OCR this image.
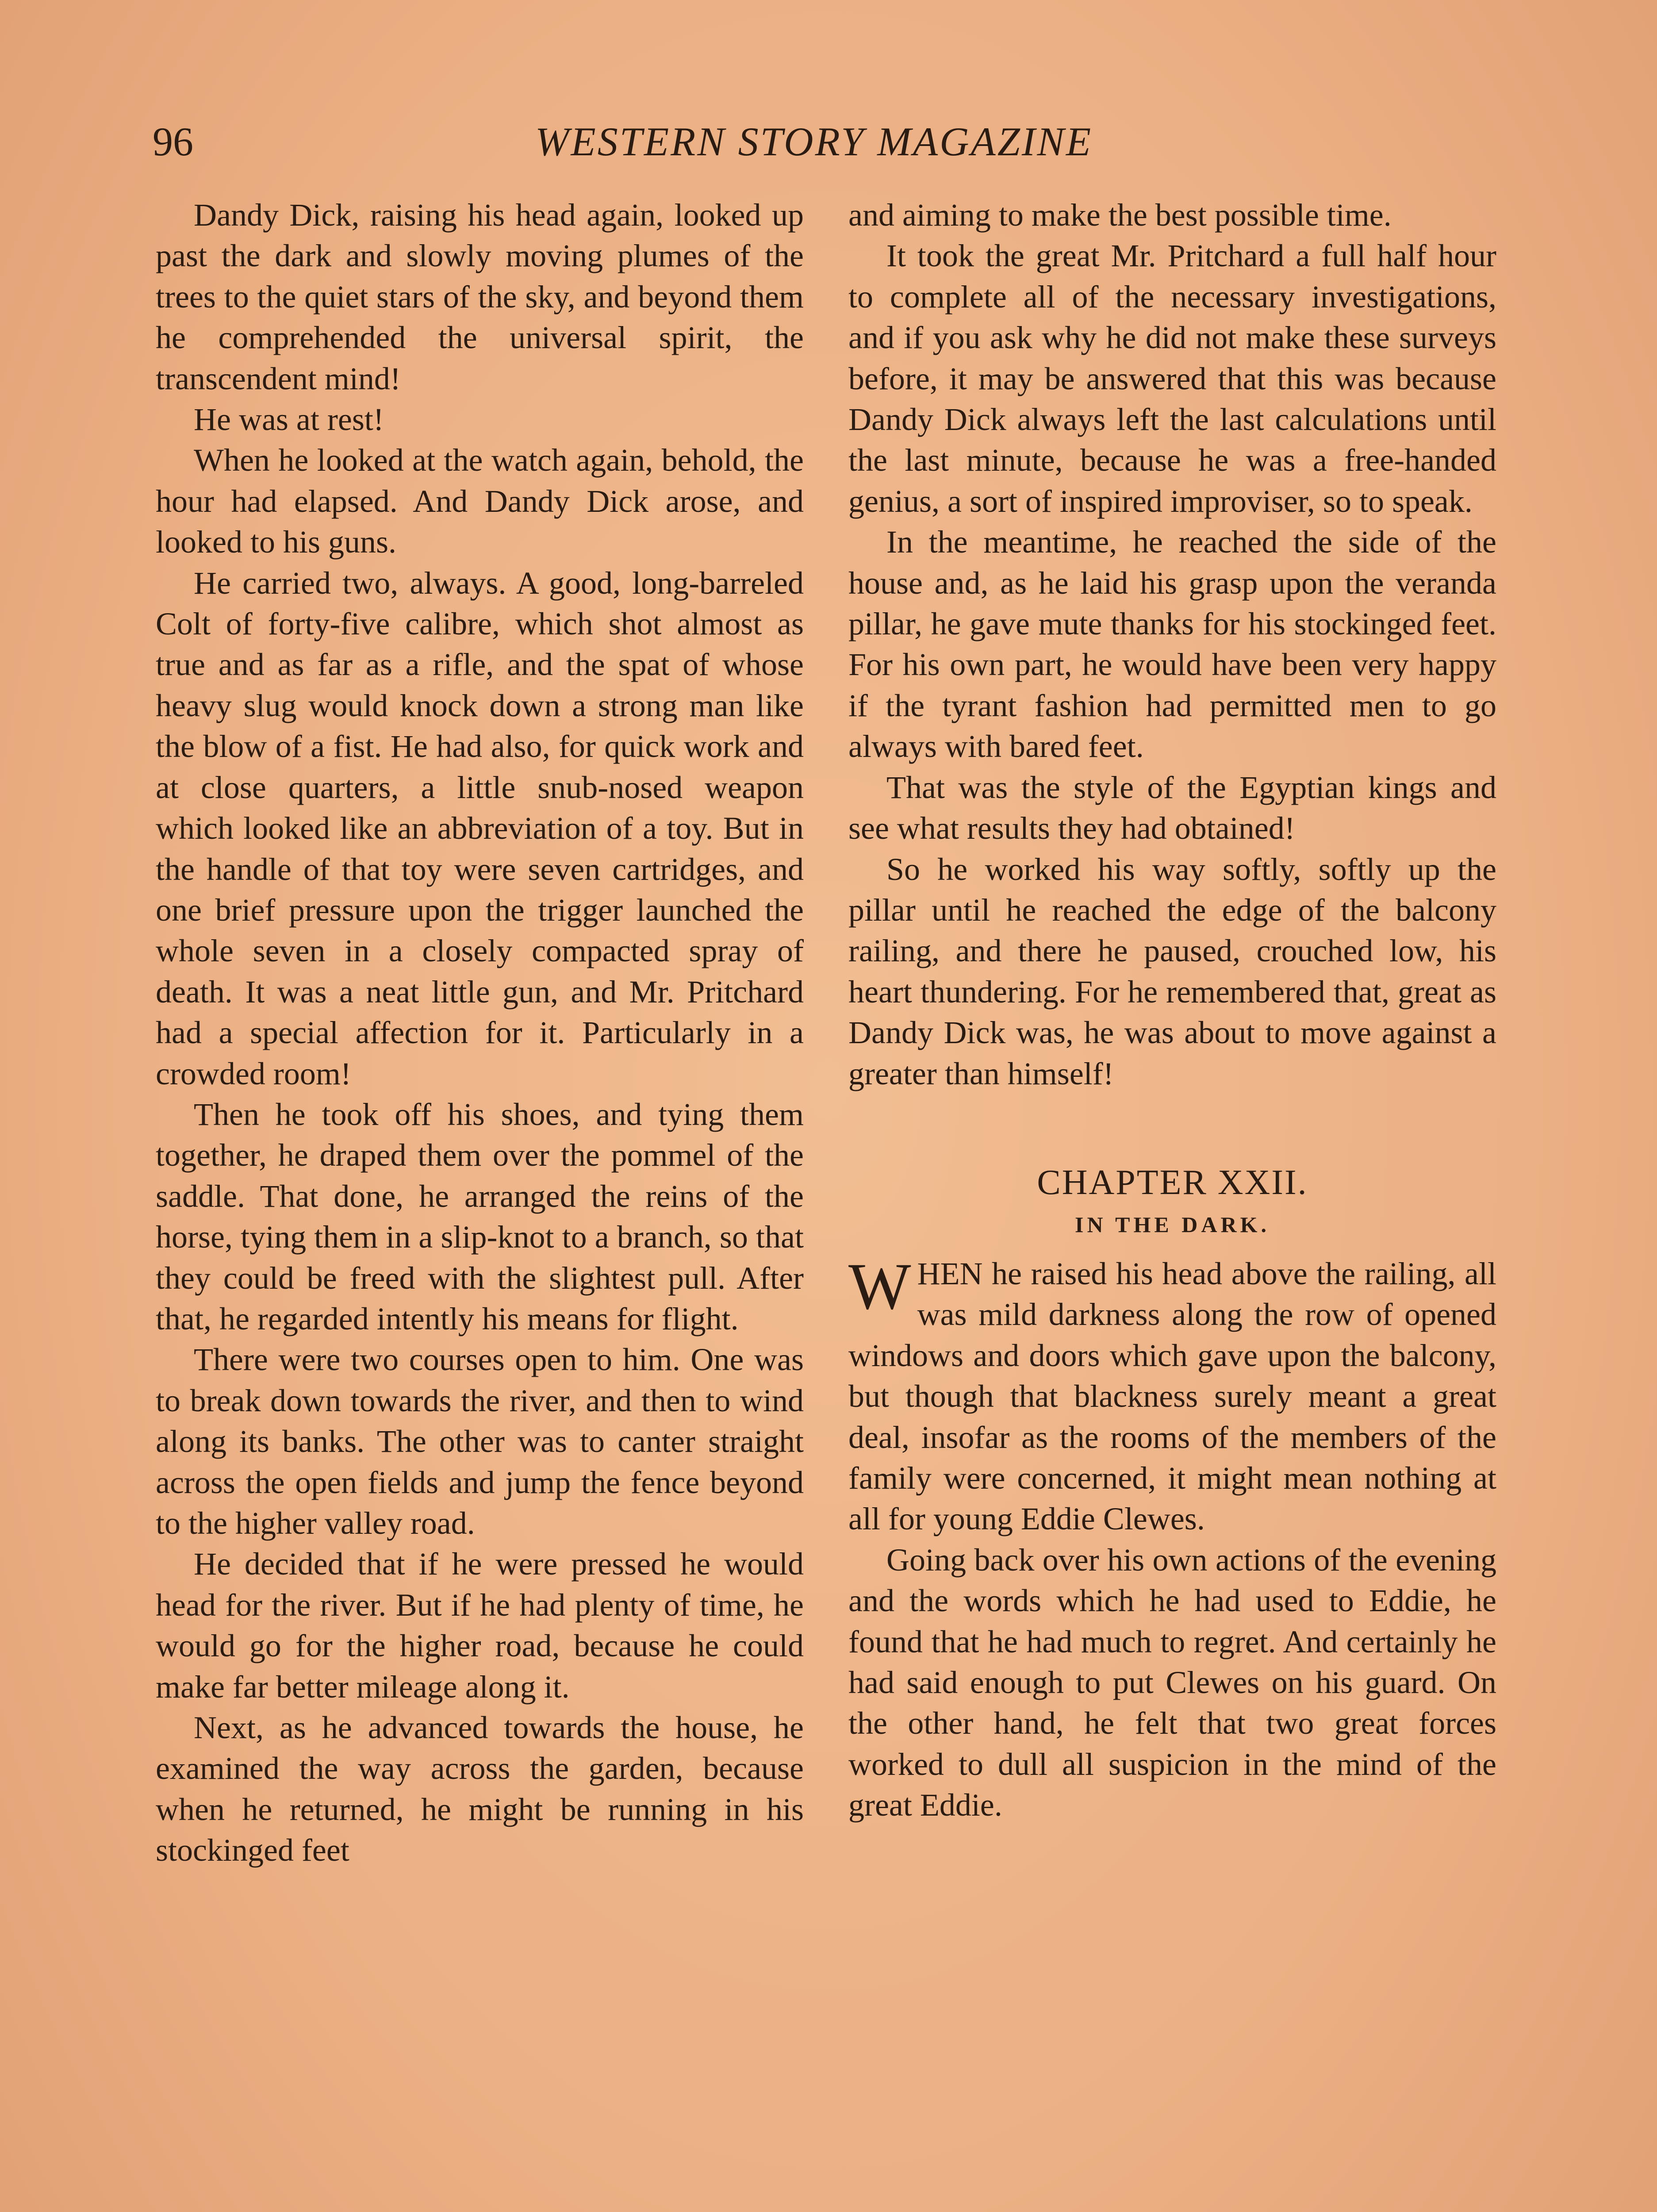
96	WESTERN STORY MAGAZINE

Dandy Dick, raising his head again, looked up past the dark and slowly moving plumes of the trees to the quiet stars of the sky, and beyond them he comprehended the universal spirit, the transcendent mind!

He was at rest!

When he looked at the watch again, behold, the hour had elapsed. And Dandy Dick arose, and looked to his guns.

He carried two, always. A good, long-barreled Colt of forty-five calibre, which shot almost as true and as far as a rifle, and the spat of whose heavy slug would knock down a strong man like the blow of a fist. He had also, for quick work and at close quarters, a little snub-nosed weapon which looked like an abbreviation of a toy. But in the handle of that toy were seven cartridges, and one brief pressure upon the trigger launched the whole seven in a closely compacted spray of death. It was a neat little gun, and Mr. Pritchard had a special affection for it. Particularly in a crowded room!

Then he took off his shoes, and tying them together, he draped them over the pommel of the saddle. That done, he arranged the reins of the horse, tying them in a slip-knot to a branch, so that they could be freed with the slightest pull. After that, he regarded intently his means for flight.

There were two courses open to him. One was to break down towards the river, and then to wind along its banks. The other was to canter straight across the open fields and jump the fence beyond to the higher valley road.

He decided that if he were pressed he would head for the river. But if he had plenty of time, he would go for the higher road, because he could make far better mileage along it.

Next, as he advanced towards the house, he examined the way across the garden, because when he returned, he might be running in his stockinged feet

and aiming to make the best possible time.

It took the great Mr. Pritchard a full half hour to complete all of the necessary investigations, and if you ask why he did not make these surveys before, it may be answered that this was because Dandy Dick always left the last calculations until the last minute, because he was a free-handed genius, a sort of inspired improviser, so to speak.

In the meantime, he reached the side of the house and, as he laid his grasp upon the veranda pillar, he gave mute thanks for his stockinged feet. For his own part, he would have been very happy if the tyrant fashion had permitted men to go always with bared feet.

That was the style of the Egyptian kings and see what results they had obtained!

So he worked his way softly, softly up the pillar until he reached the edge of the balcony railing, and there he paused, crouched low, his heart thundering. For he remembered that, great as Dandy Dick was, he was about to move against a greater than himself!

CHAPTER XXII.
IN THE DARK.

WHEN he raised his head above the railing, all was mild darkness along the row of opened windows and doors which gave upon the balcony, but though that blackness surely meant a great deal, insofar as the rooms of the members of the family were concerned, it might mean nothing at all for young Eddie Clewes.

Going back over his own actions of the evening and the words which he had used to Eddie, he found that he had much to regret. And certainly he had said enough to put Clewes on his guard. On the other hand, he felt that two great forces worked to dull all suspicion in the mind of the great Eddie.
